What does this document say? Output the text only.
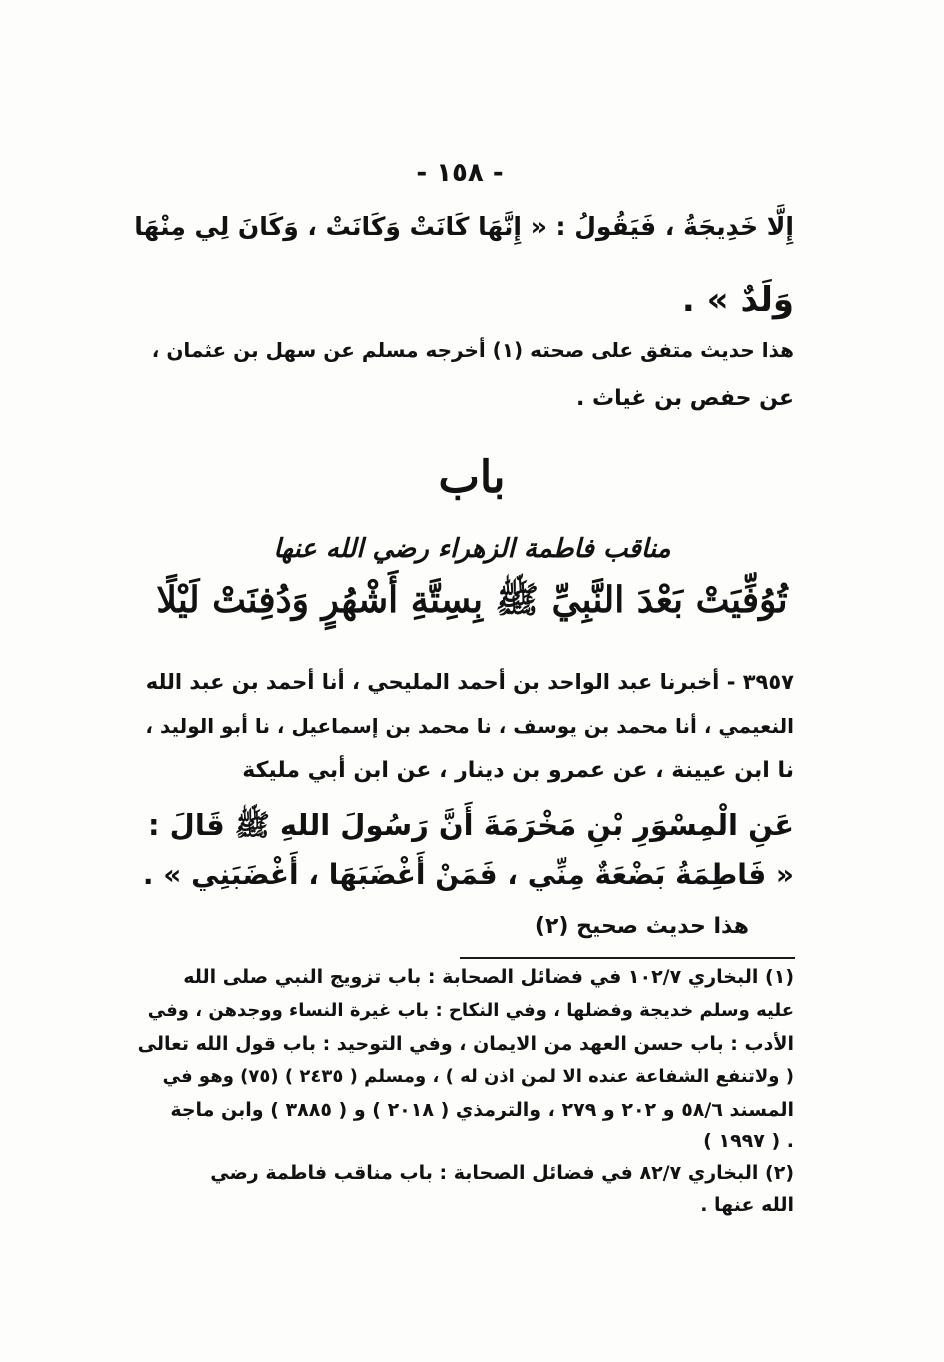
- ١٥٨ -
إِلَّا خَدِيجَةُ ، فَيَقُولُ : « إِنَّهَا كَانَتْ وَكَانَتْ ، وَكَانَ لِي مِنْهَا
وَلَدٌ » .
هذا حديث متفق على صحته (١) أخرجه مسلم عن سهل بن عثمان ،
عن حفص بن غياث .
باب
مناقب فاطمة الزهراء رضي الله عنها
تُوُفِّيَتْ بَعْدَ النَّبِيِّ ﷺ بِسِتَّةِ أَشْهُرٍ وَدُفِنَتْ لَيْلًا
٣٩٥٧ - أخبرنا عبد الواحد بن أحمد المليحي ، أنا أحمد بن عبد الله
النعيمي ، أنا محمد بن يوسف ، نا محمد بن إسماعيل ، نا أبو الوليد ،
نا ابن عيينة ، عن عمرو بن دينار ، عن ابن أبي مليكة
عَنِ الْمِسْوَرِ بْنِ مَخْرَمَةَ أَنَّ رَسُولَ اللهِ ﷺ قَالَ :
« فَاطِمَةُ بَضْعَةٌ مِنِّي ، فَمَنْ أَغْضَبَهَا ، أَغْضَبَنِي » .
هذا حديث صحيح (٢)
(١) البخاري ١٠٢/٧ في فضائل الصحابة : باب تزويج النبي صلى الله
عليه وسلم خديجة وفضلها ، وفي النكاح : باب غيرة النساء ووجدهن ، وفي
الأدب : باب حسن العهد من الايمان ، وفي التوحيد : باب قول الله تعالى
( ولاتنفع الشفاعة عنده الا لمن اذن له ) ، ومسلم ( ٢٤٣٥ ) (٧٥) وهو في
المسند ٥٨/٦ و ٢٠٢ و ٢٧٩ ، والترمذي ( ٢٠١٨ ) و ( ٣٨٨٥ ) وابن ماجة
( ١٩٩٧ ) .
(٢) البخاري ٨٢/٧ في فضائل الصحابة : باب مناقب فاطمة رضي
الله عنها .
